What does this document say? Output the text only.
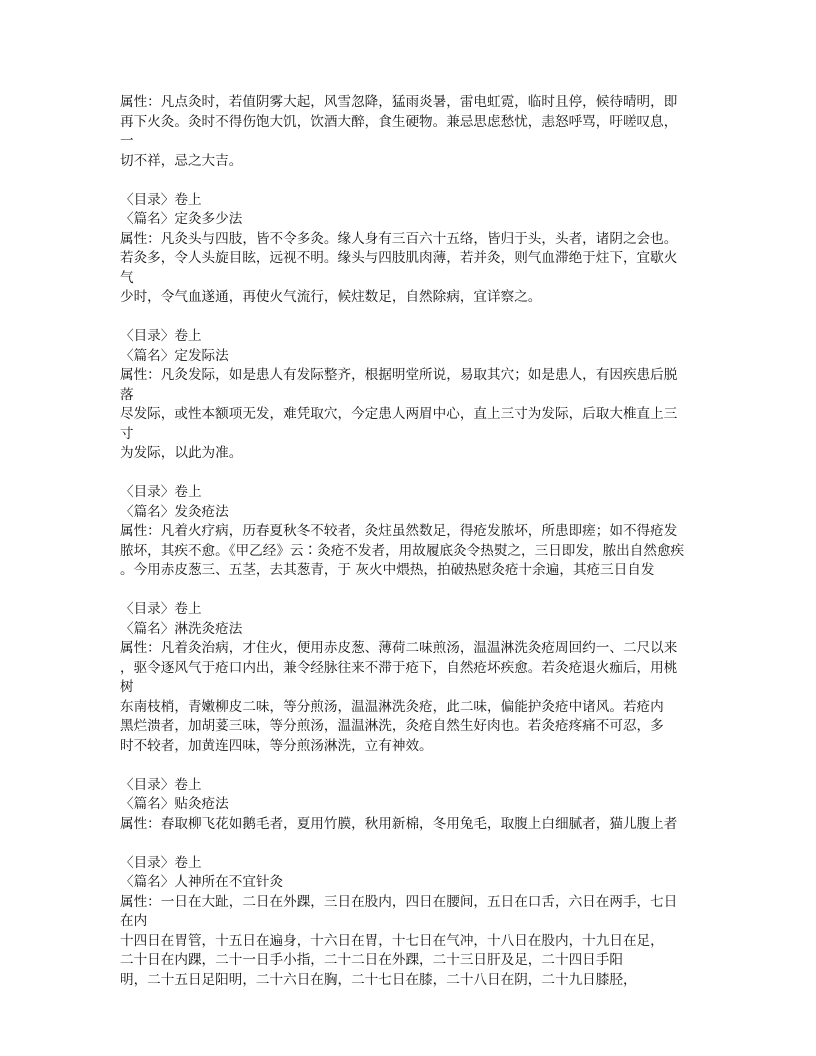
属性：凡点灸时，若值阴雾大起，风雪忽降，猛雨炎暑，雷电虹霓，临时且停，候待晴明，即
再下火灸。灸时不得伤饱大饥，饮酒大醉，食生硬物。兼忌思虑愁忧，恚怒呼骂，吁嗟叹息，
一
切不祥，忌之大吉。
〈目录〉卷上
〈篇名〉定灸多少法
属性：凡灸头与四肢，皆不令多灸。缘人身有三百六十五络，皆归于头，头者，诸阴之会也。
若灸多，令人头旋目眩，远视不明。缘头与四肢肌肉薄，若并灸，则气血滞绝于炷下，宜歇火
气
少时，令气血遂通，再使火气流行，候炷数足，自然除病，宜详察之。
〈目录〉卷上
〈篇名〉定发际法
属性：凡灸发际，如是患人有发际整齐，根据明堂所说，易取其穴；如是患人，有因疾患后脱
落
尽发际，或性本额项无发，难凭取穴，今定患人两眉中心，直上三寸为发际，后取大椎直上三
寸
为发际，以此为准。
〈目录〉卷上
〈篇名〉发灸疮法
属性：凡着火疗病，历春夏秋冬不较者，灸炷虽然数足，得疮发脓坏，所患即瘥；如不得疮发
脓坏，其疾不愈。《甲乙经》云∶灸疮不发者，用故履底灸令热熨之，三日即发，脓出自然愈疾
。今用赤皮葱三、五茎，去其葱青，于 灰火中煨热，拍破热慰灸疮十余遍，其疮三日自发
〈目录〉卷上
〈篇名〉淋洗灸疮法
属性：凡着灸治病，才住火，便用赤皮葱、薄荷二味煎汤，温温淋洗灸疮周回约一、二尺以来
，驱令逐风气于疮口内出，兼令经脉往来不滞于疮下，自然疮坏疾愈。若灸疮退火痂后，用桃
树
东南枝梢，青嫩柳皮二味，等分煎汤，温温淋洗灸疮，此二味，偏能护灸疮中诸风。若疮内
黑烂溃者，加胡荽三味，等分煎汤，温温淋洗，灸疮自然生好肉也。若灸疮疼痛不可忍，多
时不较者，加黄连四味，等分煎汤淋洗，立有神效。
〈目录〉卷上
〈篇名〉贴灸疮法
属性：春取柳飞花如鹅毛者，夏用竹膜，秋用新棉，冬用兔毛，取腹上白细腻者，猫儿腹上者
〈目录〉卷上
〈篇名〉人神所在不宜针灸
属性：一日在大趾，二日在外踝，三日在股内，四日在腰间，五日在口舌，六日在两手，七日
在内
十四日在胃管，十五日在遍身，十六日在胃，十七日在气冲，十八日在股内，十九日在足，
二十日在内踝，二十一日手小指，二十二日在外踝，二十三日肝及足，二十四日手阳
明，二十五日足阳明，二十六日在胸，二十七日在膝，二十八日在阴，二十九日膝胫，
